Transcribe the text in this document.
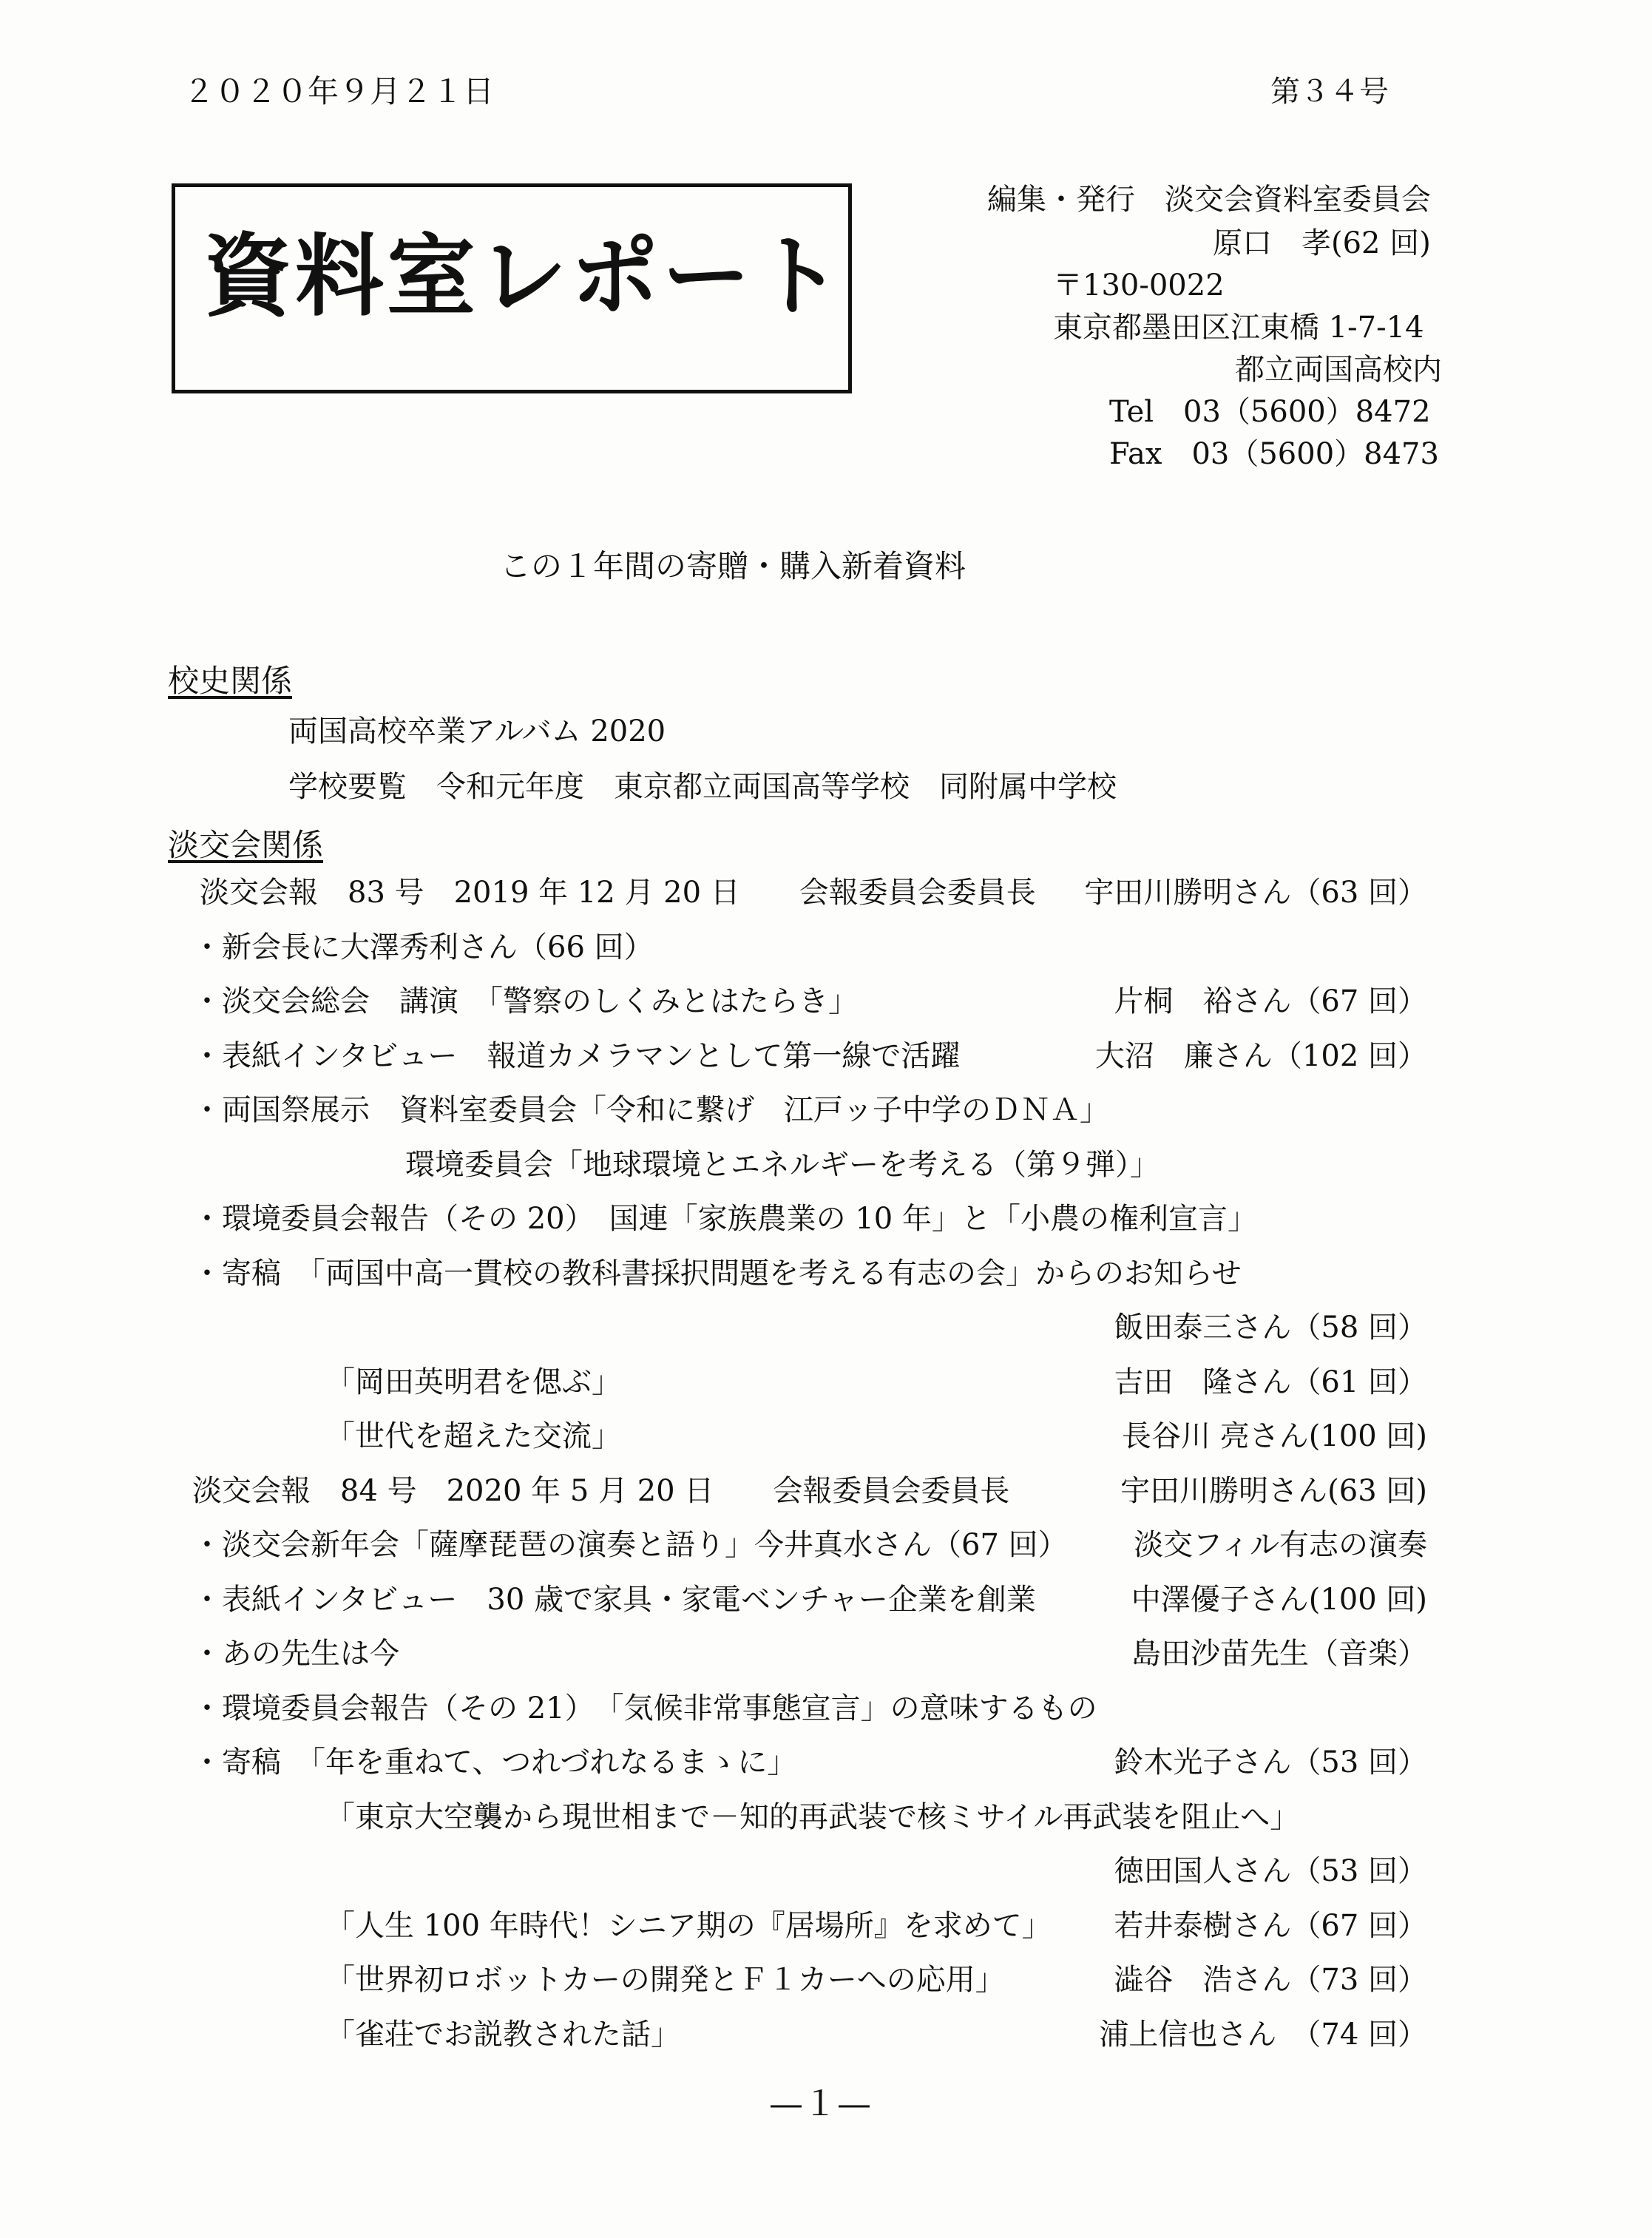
２０２０年９月２１日	第３４号
資料室レポート
編集・発行　淡交会資料室委員会
原口　孝(62 回)
〒130-0022
東京都墨田区江東橋 1-7-14
都立両国高校内
Tel　03（5600）8472
Fax　03（5600）8473
この１年間の寄贈・購入新着資料
校史関係
両国高校卒業アルバム 2020
学校要覧　令和元年度　東京都立両国高等学校　同附属中学校
淡交会関係
淡交会報　83 号　2019 年 12 月 20 日　　会報委員会委員長 宇田川勝明さん（63 回）
・新会長に大澤秀利さん（66 回）
・淡交会総会　講演　「警察のしくみとはたらき」	片桐　裕さん（67 回）
・表紙インタビュー　報道カメラマンとして第一線で活躍	大沼　廉さん（102 回）
・両国祭展示　資料室委員会「令和に繋げ　江戸ッ子中学のＤＮＡ」
環境委員会「地球環境とエネルギーを考える（第９弾）」
・環境委員会報告（その 20）　国連「家族農業の 10 年」と「小農の権利宣言」
・寄稿　「両国中高一貫校の教科書採択問題を考える有志の会」からのお知らせ
飯田泰三さん（58 回）
「岡田英明君を偲ぶ」	吉田　隆さん（61 回）
「世代を超えた交流」	長谷川 亮さん(100 回)
淡交会報　84 号　2020 年 5 月 20 日　　会報委員会委員長	宇田川勝明さん(63 回)
・淡交会新年会「薩摩琵琶の演奏と語り」今井真水さん（67 回） 淡交フィル有志の演奏
・表紙インタビュー　30 歳で家具・家電ベンチャー企業を創業	中澤優子さん(100 回)
・あの先生は今	島田沙苗先生（音楽）
・環境委員会報告（その 21）　「気候非常事態宣言」の意味するもの
・寄稿　「年を重ねて、つれづれなるまゝに」	鈴木光子さん（53 回）
「東京大空襲から現世相まで－知的再武装で核ミサイル再武装を阻止へ」
徳田国人さん（53 回）
「人生 100 年時代！シニア期の『居場所』を求めて」 若井泰樹さん（67 回）
「世界初ロボットカーの開発とＦ１カーへの応用」	澁谷　浩さん（73 回）
「雀荘でお説教された話」	浦上信也さん　（74 回）
—１—
